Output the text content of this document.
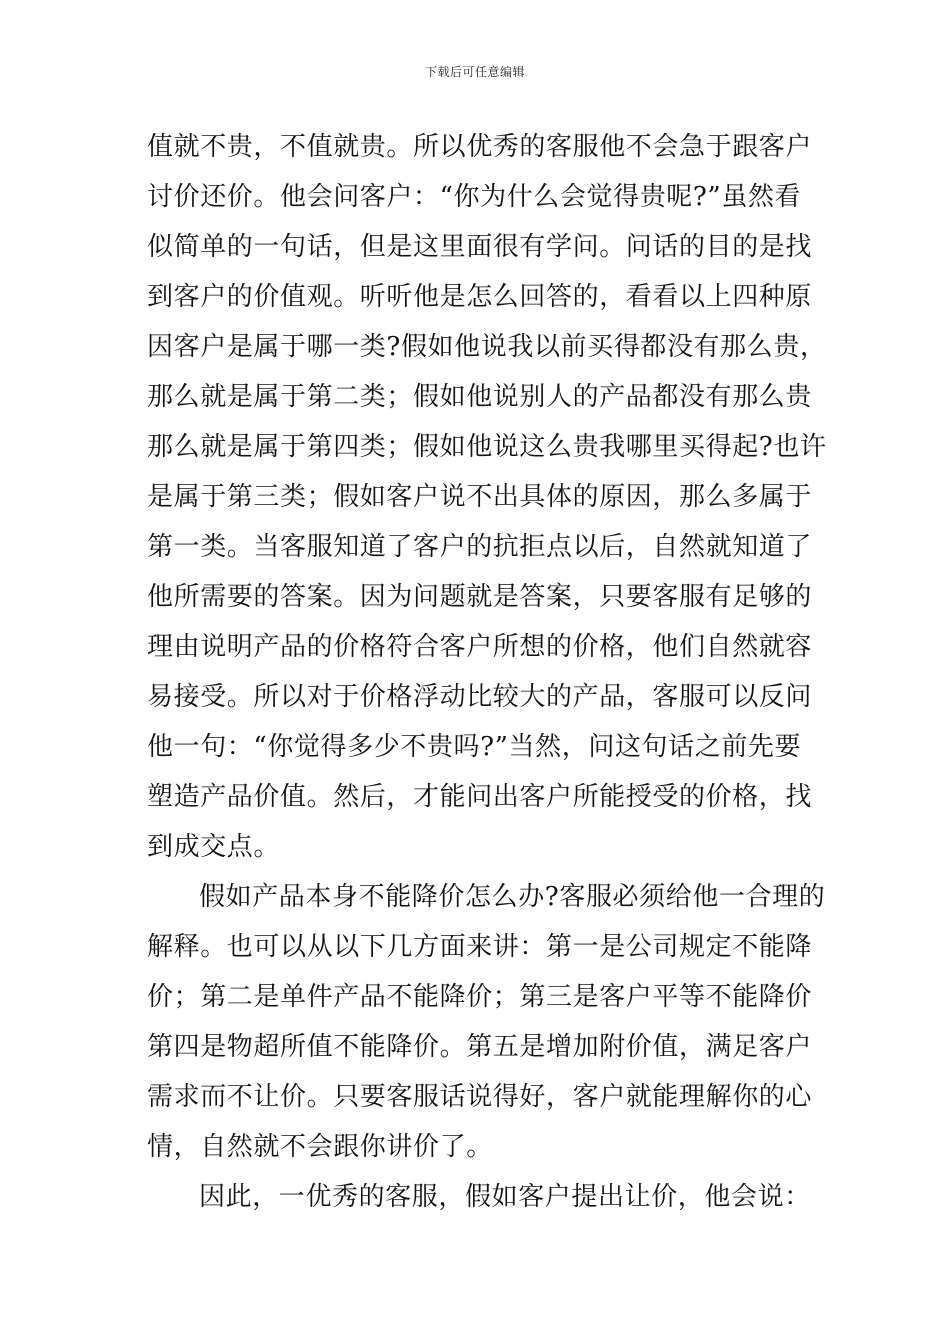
下载后可任意编辑
值就不贵，不值就贵。所以优秀的客服他不会急于跟客户
讨价还价。他会问客户：“你为什么会觉得贵呢?”虽然看
似简单的一句话，但是这里面很有学问。问话的目的是找
到客户的价值观。听听他是怎么回答的，看看以上四种原
因客户是属于哪一类?假如他说我以前买得都没有那么贵，
那么就是属于第二类；假如他说别人的产品都没有那么贵
那么就是属于第四类；假如他说这么贵我哪里买得起?也许
是属于第三类；假如客户说不出具体的原因，那么多属于
第一类。当客服知道了客户的抗拒点以后，自然就知道了
他所需要的答案。因为问题就是答案，只要客服有足够的
理由说明产品的价格符合客户所想的价格，他们自然就容
易接受。所以对于价格浮动比较大的产品，客服可以反问
他一句：“你觉得多少不贵吗?”当然，问这句话之前先要
塑造产品价值。然后，才能问出客户所能授受的价格，找
到成交点。
假如产品本身不能降价怎么办?客服必须给他一合理的
解释。也可以从以下几方面来讲：第一是公司规定不能降
价；第二是单件产品不能降价；第三是客户平等不能降价
第四是物超所值不能降价。第五是增加附价值，满足客户
需求而不让价。只要客服话说得好，客户就能理解你的心
情，自然就不会跟你讲价了。
因此，一优秀的客服，假如客户提出让价，他会说：
